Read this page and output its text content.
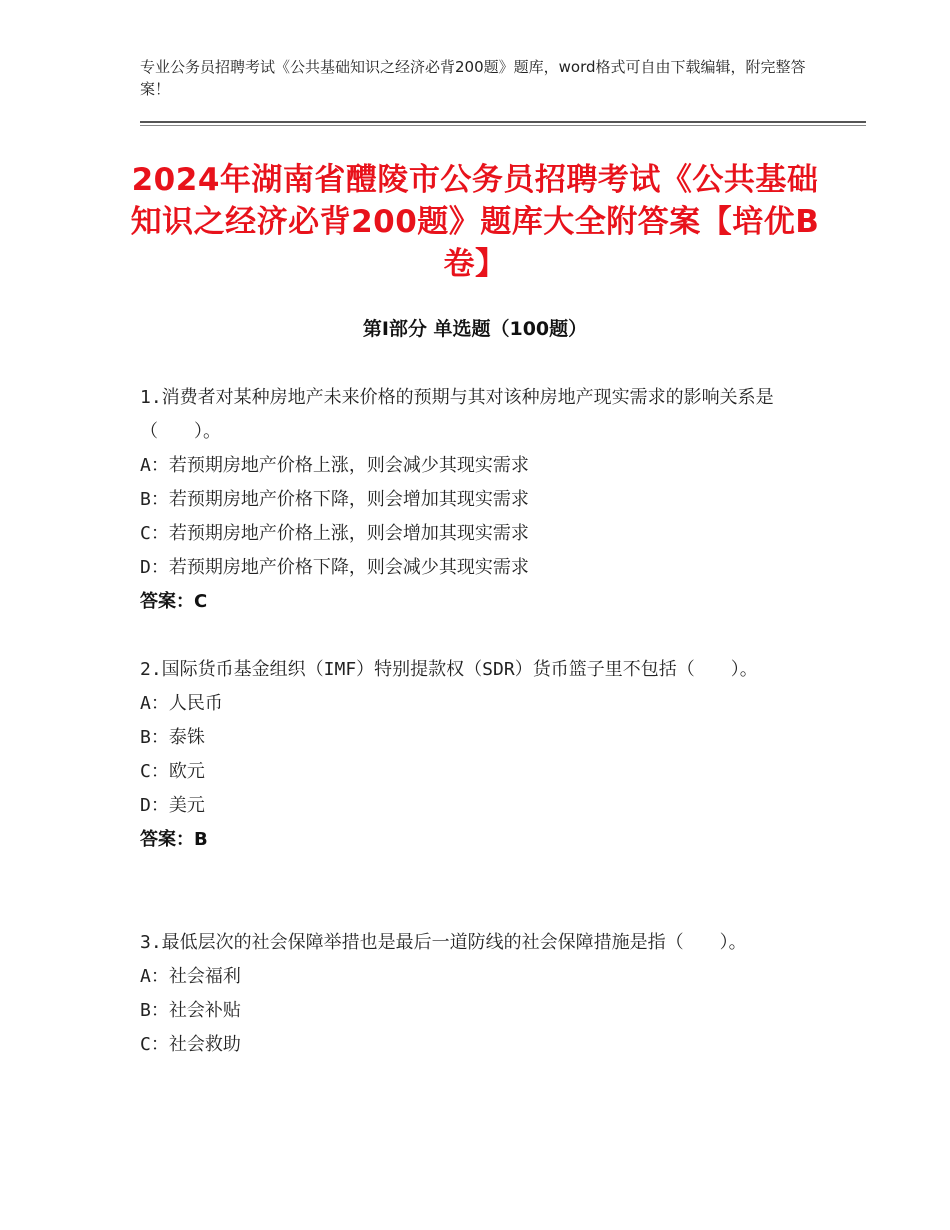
专业公务员招聘考试《公共基础知识之经济必背200题》题库，word格式可自由下载编辑，附完整答案！
2024年湖南省醴陵市公务员招聘考试《公共基础知识之经济必背200题》题库大全附答案【培优B卷】
第Ⅰ部分 单选题（100题）

1.消费者对某种房地产未来价格的预期与其对该种房地产现实需求的影响关系是（　　）。

A：若预期房地产价格上涨，则会减少其现实需求
B：若预期房地产价格下降，则会增加其现实需求
C：若预期房地产价格上涨，则会增加其现实需求
D：若预期房地产价格下降，则会减少其现实需求
答案：C

2.国际货币基金组织（IMF）特别提款权（SDR）货币篮子里不包括（　　）。

A：人民币
B：泰铢
C：欧元
D：美元
答案：B

3.最低层次的社会保障举措也是最后一道防线的社会保障措施是指（　　）。

A：社会福利
B：社会补贴
C：社会救助
